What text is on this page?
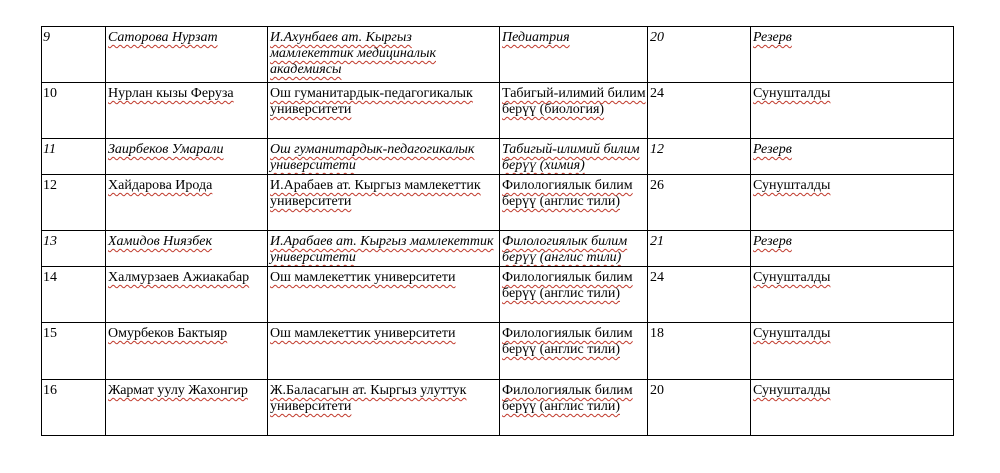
9	Саторова Нурзат	И.Ахунбаев ат. Кыргыз мамлекеттик медициналык академиясы	Педиатрия	20	Резерв
10	Нурлан кызы Феруза	Ош гуманитардык-педагогикалык университети	Табигый-илимий билим берүү (биология)	24	Сунушталды
11	Заирбеков Умарали	Ош гуманитардык-педагогикалык университети	Табигый-илимий билим берүү (химия)	12	Резерв
12	Хайдарова Ирода	И.Арабаев ат. Кыргыз мамлекеттик университети	Филологиялык билим берүү (англис тили)	26	Сунушталды
13	Хамидов Ниязбек	И.Арабаев ат. Кыргыз мамлекеттик университети	Филологиялык билим берүү (англис тили)	21	Резерв
14	Халмурзаев Ажиакабар	Ош мамлекеттик университети	Филологиялык билим берүү (англис тили)	24	Сунушталды
15	Омурбеков Бактыяр	Ош мамлекеттик университети	Филологиялык билим берүү (англис тили)	18	Сунушталды
16	Жармат уулу Жахонгир	Ж.Баласагын ат. Кыргыз улуттук университети	Филологиялык билим берүү (англис тили)	20	Сунушталды
